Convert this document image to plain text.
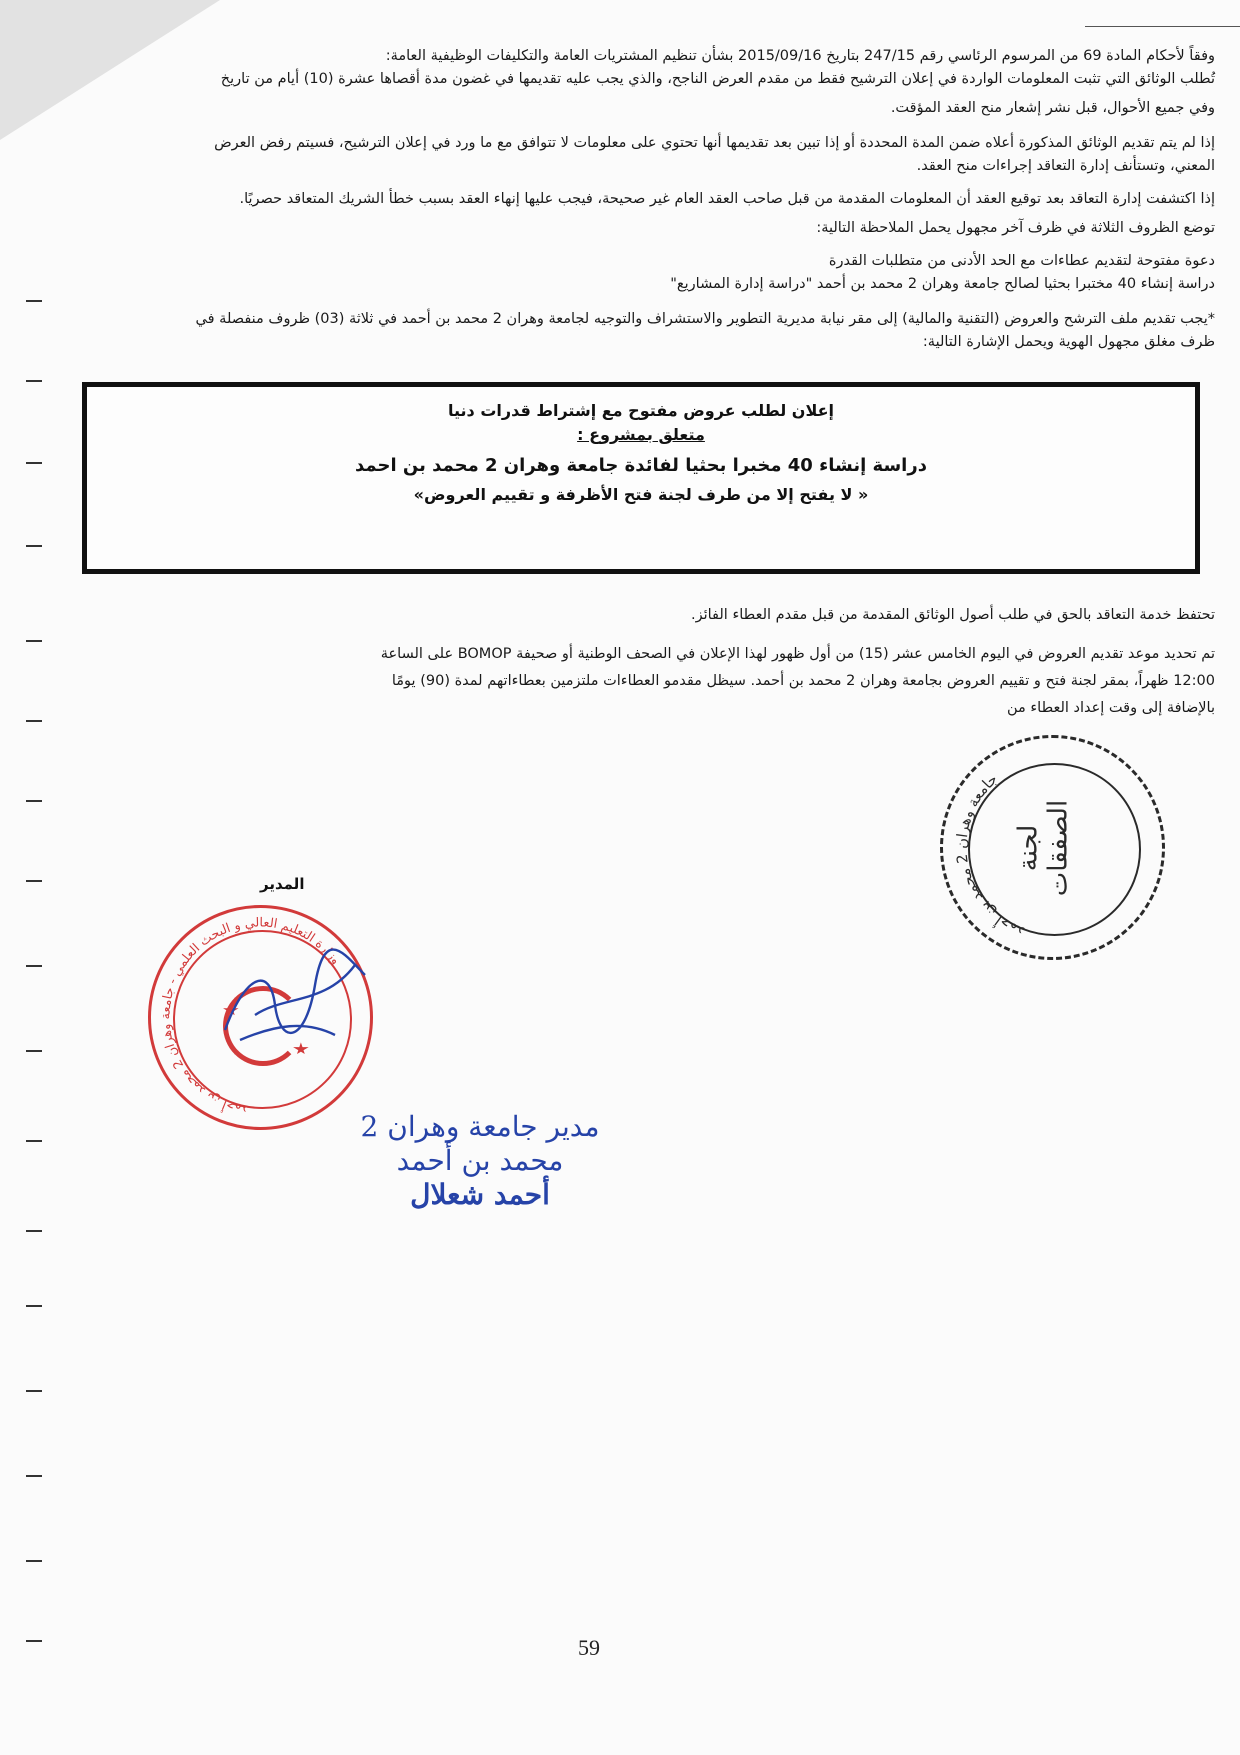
وفقاً لأحكام المادة 69 من المرسوم الرئاسي رقم 247/15 بتاريخ 2015/09/16 بشأن تنظيم المشتريات العامة والتكليفات الوظيفية العامة:

تُطلب الوثائق التي تثبت المعلومات الواردة في إعلان الترشيح فقط من مقدم العرض الناجح، والذي يجب عليه تقديمها في غضون مدة أقصاها عشرة (10) أيام من تاريخ

وفي جميع الأحوال، قبل نشر إشعار منح العقد المؤقت.

إذا لم يتم تقديم الوثائق المذكورة أعلاه ضمن المدة المحددة أو إذا تبين بعد تقديمها أنها تحتوي على معلومات لا تتوافق مع ما ورد في إعلان الترشيح، فسيتم رفض العرض

المعني، وتستأنف إدارة التعاقد إجراءات منح العقد.

إذا اكتشفت إدارة التعاقد بعد توقيع العقد أن المعلومات المقدمة من قبل صاحب العقد العام غير صحيحة، فيجب عليها إنهاء العقد بسبب خطأ الشريك المتعاقد حصريًا.

توضع الظروف الثلاثة في ظرف آخر مجهول يحمل الملاحظة التالية:

دعوة مفتوحة لتقديم عطاءات مع الحد الأدنى من متطلبات القدرة

دراسة إنشاء 40 مختبرا بحثيا لصالح جامعة وهران 2 محمد بن أحمد "دراسة إدارة المشاريع"

*يجب تقديم ملف الترشح والعروض (التقنية والمالية) إلى مقر نيابة مديرية التطوير والاستشراف والتوجيه لجامعة وهران 2 محمد بن أحمد في ثلاثة (03) ظروف منفصلة في

ظرف مغلق مجهول الهوية ويحمل الإشارة التالية:

إعلان لطلب عروض مفتوح مع إشتراط قدرات دنيا
متعلق بمشروع :
دراسة إنشاء 40 مخبرا بحثيا لفائدة جامعة وهران 2 محمد بن احمد
« لا يفتح إلا من طرف لجنة فتح الأظرفة و تقييم العروض»

تحتفظ خدمة التعاقد بالحق في طلب أصول الوثائق المقدمة من قبل مقدم العطاء الفائز.

تم تحديد موعد تقديم العروض في اليوم الخامس عشر (15) من أول ظهور لهذا الإعلان في الصحف الوطنية أو صحيفة BOMOP على الساعة

12:00 ظهراً، بمقر لجنة فتح و تقييم العروض بجامعة وهران 2 محمد بن أحمد. سيظل مقدمو العطاءات ملتزمين بعطاءاتهم لمدة (90) يومًا

بالإضافة إلى وقت إعداد العطاء من

جامعة وهران 2 محمد بن أحمد
لجنة الصفقات
المدير
وزارة التعليم العالي و البحث العلمي - جامعة وهران 2 محمد بن أحمد
مدير جامعة وهران 2
محمد بن أحمد
أحمد شعلال
59
